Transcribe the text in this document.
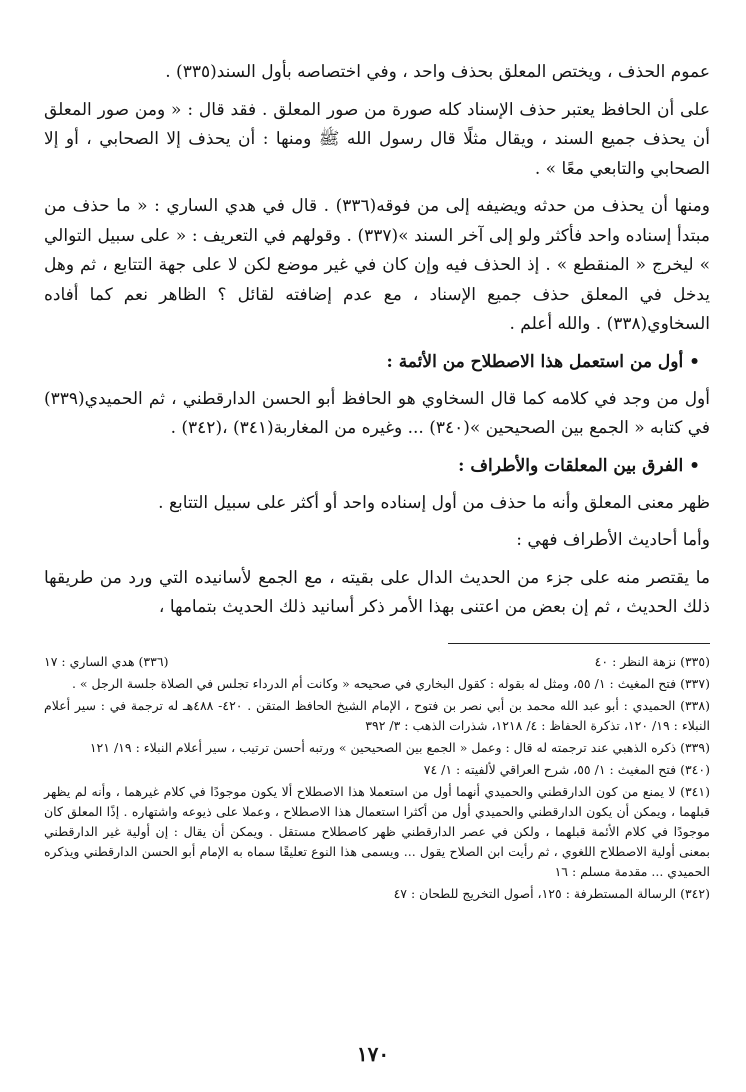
عموم الحذف ، ويختص المعلق بحذف واحد ، وفي اختصاصه بأول السند(٣٣٥) .

على أن الحافظ يعتبر حذف الإسناد كله صورة من صور المعلق . فقد قال : « ومن صور المعلق أن يحذف جميع السند ، ويقال مثلًا قال رسول الله ﷺ ومنها : أن يحذف إلا الصحابي ، أو إلا الصحابي والتابعي معًا » .

ومنها أن يحذف من حدثه ويضيفه إلى من فوقه(٣٣٦) . قال في هدي الساري : « ما حذف من مبتدأ إسناده واحد فأكثر ولو إلى آخر السند »(٣٣٧) . وقولهم في التعريف : « على سبيل التوالي » ليخرج « المنقطع » . إذ الحذف فيه وإن كان في غير موضع لكن لا على جهة التتابع ، ثم وهل يدخل في المعلق حذف جميع الإسناد ، مع عدم إضافته لقائل ؟ الظاهر نعم كما أفاده السخاوي(٣٣٨) . والله أعلم .

• أول من استعمل هذا الاصطلاح من الأئمة :

أول من وجد في كلامه كما قال السخاوي هو الحافظ أبو الحسن الدارقطني ، ثم الحميدي(٣٣٩) في كتابه « الجمع بين الصحيحين »(٣٤٠) ... وغيره من المغاربة(٣٤١) ،(٣٤٢) .

• الفرق بين المعلقات والأطراف :

ظهر معنى المعلق وأنه ما حذف من أول إسناده واحد أو أكثر على سبيل التتابع .

وأما أحاديث الأطراف فهي :

ما يقتصر منه على جزء من الحديث الدال على بقيته ، مع الجمع لأسانيده التي ورد من طريقها ذلك الحديث ، ثم إن بعض من اعتنى بهذا الأمر ذكر أسانيد ذلك الحديث بتمامها ،

(٣٣٥) نزهة النظر : ٤٠
(٣٣٦) هدي الساري : ١٧

(٣٣٧) فتح المغيث : ١/ ٥٥، ومثل له بقوله : كقول البخاري في صحيحه « وكانت أم الدرداء تجلس في الصلاة جلسة الرجل » .

(٣٣٨) الحميدي : أبو عبد الله محمد بن أبي نصر بن فتوح ، الإمام الشيخ الحافظ المتقن . ٤٢٠- ٤٨٨هـ له ترجمة في : سير أعلام النبلاء : ١٩/ ١٢٠، تذكرة الحفاظ : ٤/ ١٢١٨، شذرات الذهب : ٣/ ٣٩٢

(٣٣٩) ذكره الذهبي عند ترجمته له قال : وعمل « الجمع بين الصحيحين » ورتبه أحسن ترتيب ، سير أعلام النبلاء : ١٩/ ١٢١

(٣٤٠) فتح المغيث : ١/ ٥٥، شرح العراقي لألفيته : ١/ ٧٤

(٣٤١) لا يمنع من كون الدارقطني والحميدي أنهما أول من استعملا هذا الاصطلاح ألا يكون موجودًا في كلام غيرهما ، وأنه لم يظهر قبلهما ، ويمكن أن يكون الدارقطني والحميدي أول من أكثرا استعمال هذا الاصطلاح ، وعملا على ذيوعه واشتهاره . إذًا المعلق كان موجودًا في كلام الأئمة قبلهما ، ولكن في عصر الدارقطني ظهر كاصطلاح مستقل . ويمكن أن يقال : إن أولية غير الدارقطني بمعنى أولية الاصطلاح اللغوي ، ثم رأيت ابن الصلاح يقول ... ويسمى هذا النوع تعليقًا سماه به الإمام أبو الحسن الدارقطني ويذكره الحميدي ... مقدمة مسلم : ١٦

(٣٤٢) الرسالة المستطرفة : ١٢٥، أصول التخريج للطحان : ٤٧

١٧٠
